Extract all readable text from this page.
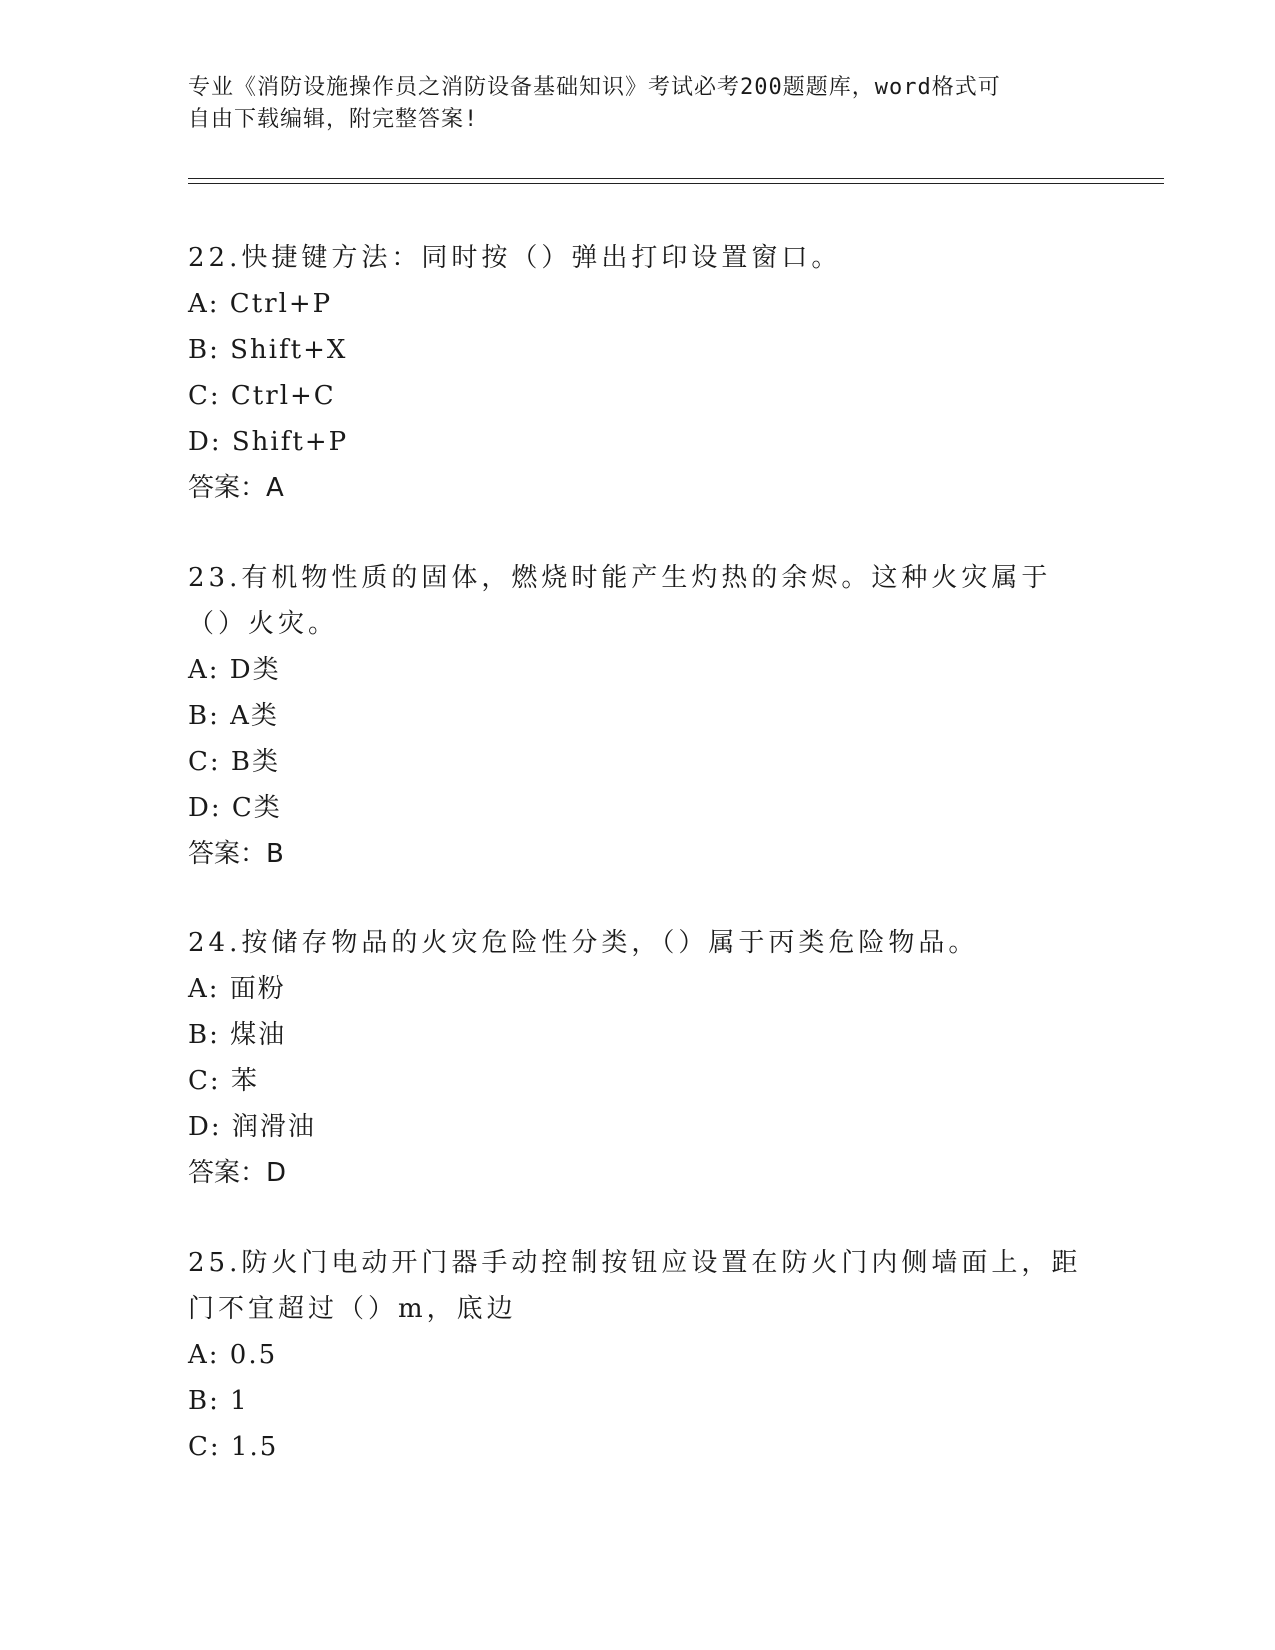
专业《消防设施操作员之消防设备基础知识》考试必考200题题库，word格式可
自由下载编辑，附完整答案!

22.快捷键方法：同时按（）弹出打印设置窗口。

A: Ctrl+P

B: Shift+X

C: Ctrl+C

D: Shift+P

答案：A

23.有机物性质的固体，燃烧时能产生灼热的余烬。这种火灾属于（）火灾。

A: D类

B: A类

C: B类

D: C类

答案：B

24.按储存物品的火灾危险性分类，（）属于丙类危险物品。

A: 面粉

B: 煤油

C: 苯

D: 润滑油

答案：D

25.防火门电动开门器手动控制按钮应设置在防火门内侧墙面上，距门不宜超过（）m，底边

A: 0.5

B: 1

C: 1.5
